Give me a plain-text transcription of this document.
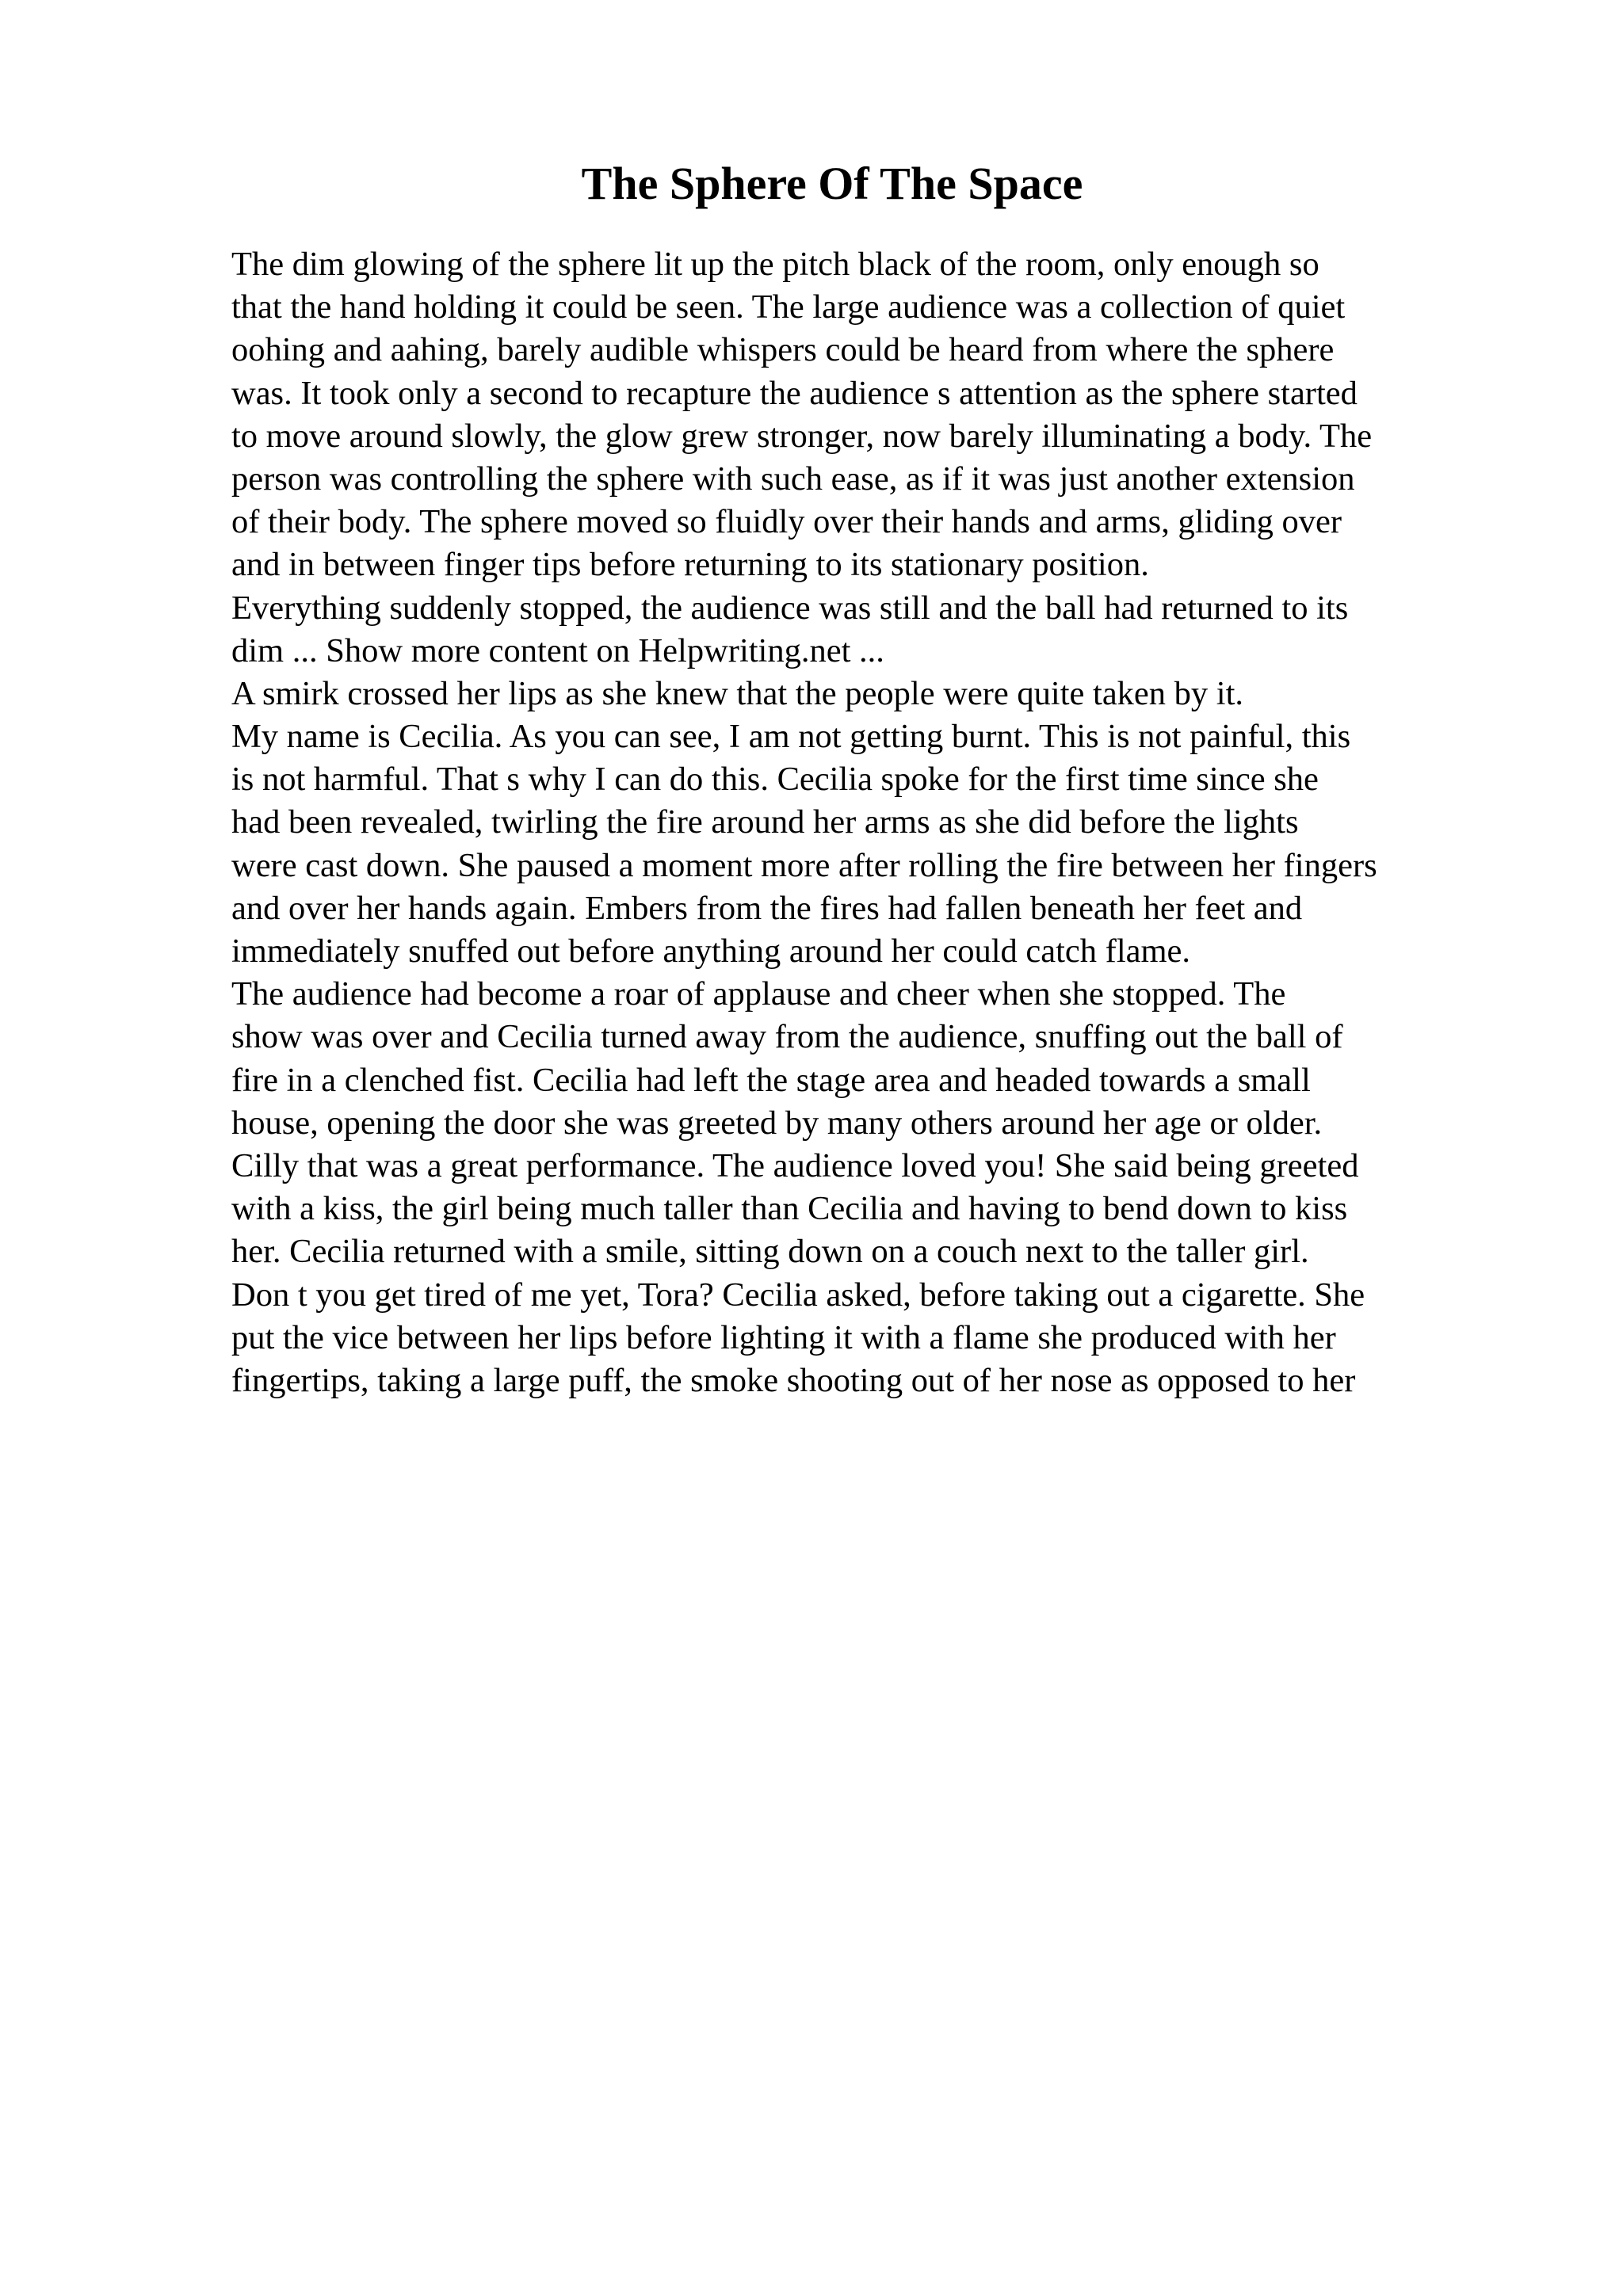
The Sphere Of The Space
The dim glowing of the sphere lit up the pitch black of the room, only enough so
that the hand holding it could be seen. The large audience was a collection of quiet
oohing and aahing, barely audible whispers could be heard from where the sphere
was. It took only a second to recapture the audience s attention as the sphere started
to move around slowly, the glow grew stronger, now barely illuminating a body. The
person was controlling the sphere with such ease, as if it was just another extension
of their body. The sphere moved so fluidly over their hands and arms, gliding over
and in between finger tips before returning to its stationary position.
Everything suddenly stopped, the audience was still and the ball had returned to its
dim ... Show more content on Helpwriting.net ...
A smirk crossed her lips as she knew that the people were quite taken by it.
My name is Cecilia. As you can see, I am not getting burnt. This is not painful, this
is not harmful. That s why I can do this. Cecilia spoke for the first time since she
had been revealed, twirling the fire around her arms as she did before the lights
were cast down. She paused a moment more after rolling the fire between her fingers
and over her hands again. Embers from the fires had fallen beneath her feet and
immediately snuffed out before anything around her could catch flame.
The audience had become a roar of applause and cheer when she stopped. The
show was over and Cecilia turned away from the audience, snuffing out the ball of
fire in a clenched fist. Cecilia had left the stage area and headed towards a small
house, opening the door she was greeted by many others around her age or older.
Cilly that was a great performance. The audience loved you! She said being greeted
with a kiss, the girl being much taller than Cecilia and having to bend down to kiss
her. Cecilia returned with a smile, sitting down on a couch next to the taller girl.
Don t you get tired of me yet, Tora? Cecilia asked, before taking out a cigarette. She
put the vice between her lips before lighting it with a flame she produced with her
fingertips, taking a large puff, the smoke shooting out of her nose as opposed to her
